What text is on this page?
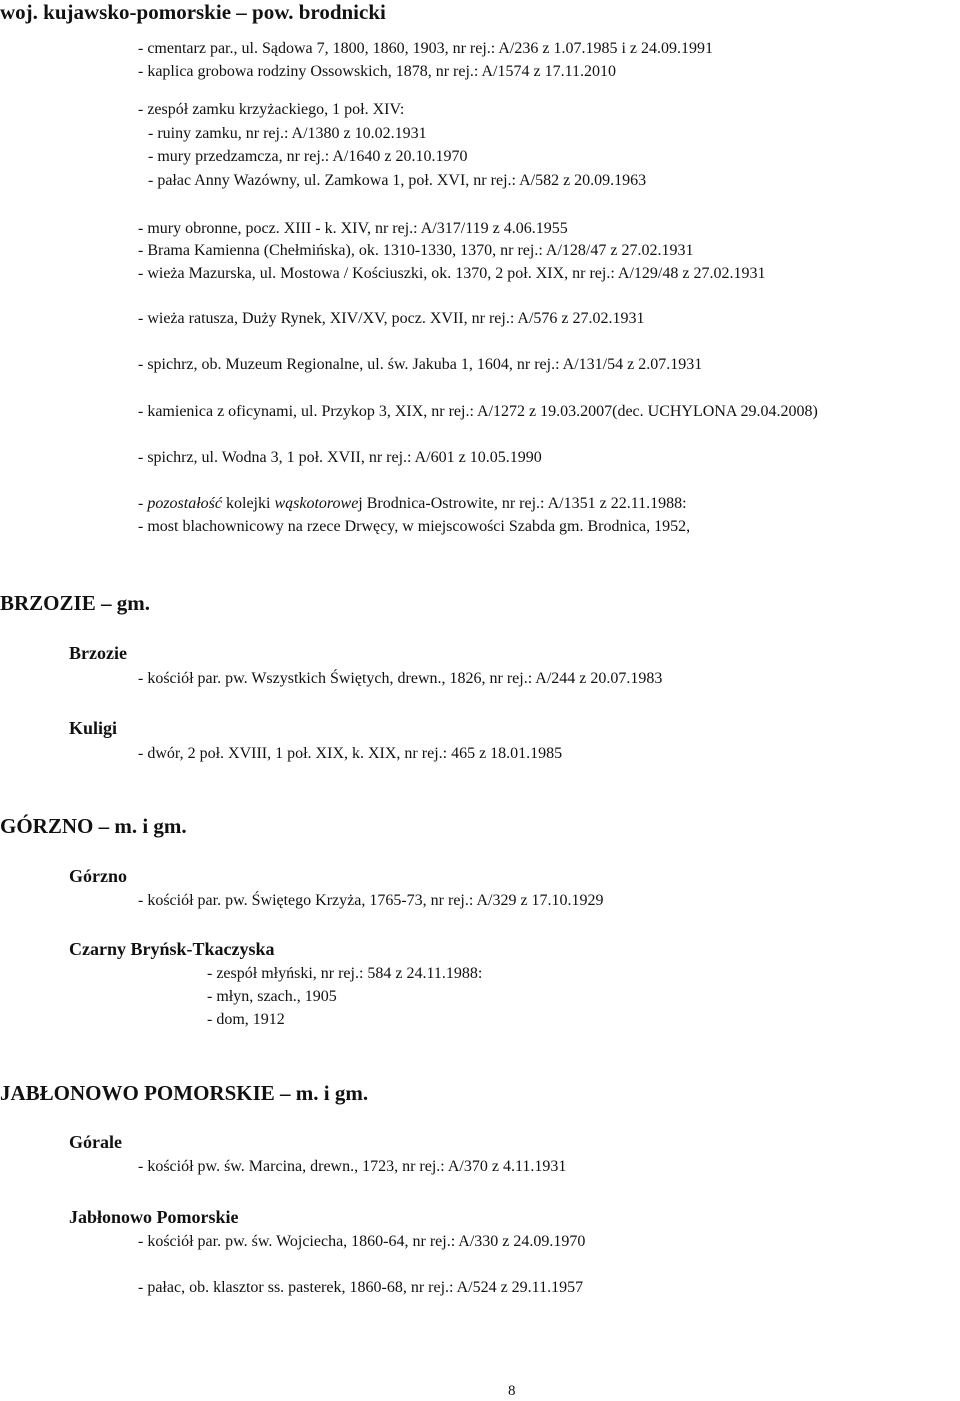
woj. kujawsko-pomorskie – pow. brodnicki
- cmentarz par., ul. Sądowa 7, 1800, 1860, 1903, nr rej.: A/236 z 1.07.1985 i z 24.09.1991
- kaplica grobowa rodziny Ossowskich, 1878, nr rej.: A/1574 z 17.11.2010
- zespół zamku krzyżackiego, 1 poł. XIV:
- ruiny zamku, nr rej.: A/1380 z 10.02.1931
- mury przedzamcza, nr rej.: A/1640 z 20.10.1970
- pałac Anny Wazówny, ul. Zamkowa 1, poł. XVI, nr rej.: A/582 z 20.09.1963
- mury obronne, pocz. XIII - k. XIV, nr rej.: A/317/119 z 4.06.1955
- Brama Kamienna (Chełmińska), ok. 1310-1330, 1370, nr rej.: A/128/47 z 27.02.1931
- wieża Mazurska, ul. Mostowa / Kościuszki, ok. 1370, 2 poł. XIX, nr rej.: A/129/48 z 27.02.1931
- wieża ratusza, Duży Rynek, XIV/XV, pocz. XVII, nr rej.: A/576 z 27.02.1931
- spichrz, ob. Muzeum Regionalne, ul. św. Jakuba 1, 1604, nr rej.: A/131/54 z 2.07.1931
- kamienica z oficynami, ul. Przykop 3, XIX, nr rej.: A/1272 z 19.03.2007(dec. UCHYLONA 29.04.2008)
- spichrz, ul. Wodna 3, 1 poł. XVII, nr rej.: A/601 z 10.05.1990
- pozostałość kolejki wąskotorowej Brodnica-Ostrowite, nr rej.: A/1351 z 22.11.1988:
- most blachownicowy na rzece Drwęcy, w miejscowości Szabda gm. Brodnica, 1952,
BRZOZIE – gm.
Brzozie
- kościół par. pw. Wszystkich Świętych, drewn., 1826, nr rej.: A/244 z 20.07.1983
Kuligi
- dwór, 2 poł. XVIII, 1 poł. XIX, k. XIX, nr rej.: 465 z 18.01.1985
GÓRZNO – m. i gm.
Górzno
- kościół par. pw. Świętego Krzyża, 1765-73, nr rej.: A/329 z 17.10.1929
Czarny Bryńsk-Tkaczyska
- zespół młyński, nr rej.: 584 z 24.11.1988:
- młyn, szach., 1905
- dom, 1912
JABŁONOWO POMORSKIE – m. i gm.
Górale
- kościół pw. św. Marcina, drewn., 1723, nr rej.: A/370 z 4.11.1931
Jabłonowo Pomorskie
- kościół par. pw. św. Wojciecha, 1860-64, nr rej.: A/330 z 24.09.1970
- pałac, ob. klasztor ss. pasterek, 1860-68, nr rej.: A/524 z 29.11.1957
8
